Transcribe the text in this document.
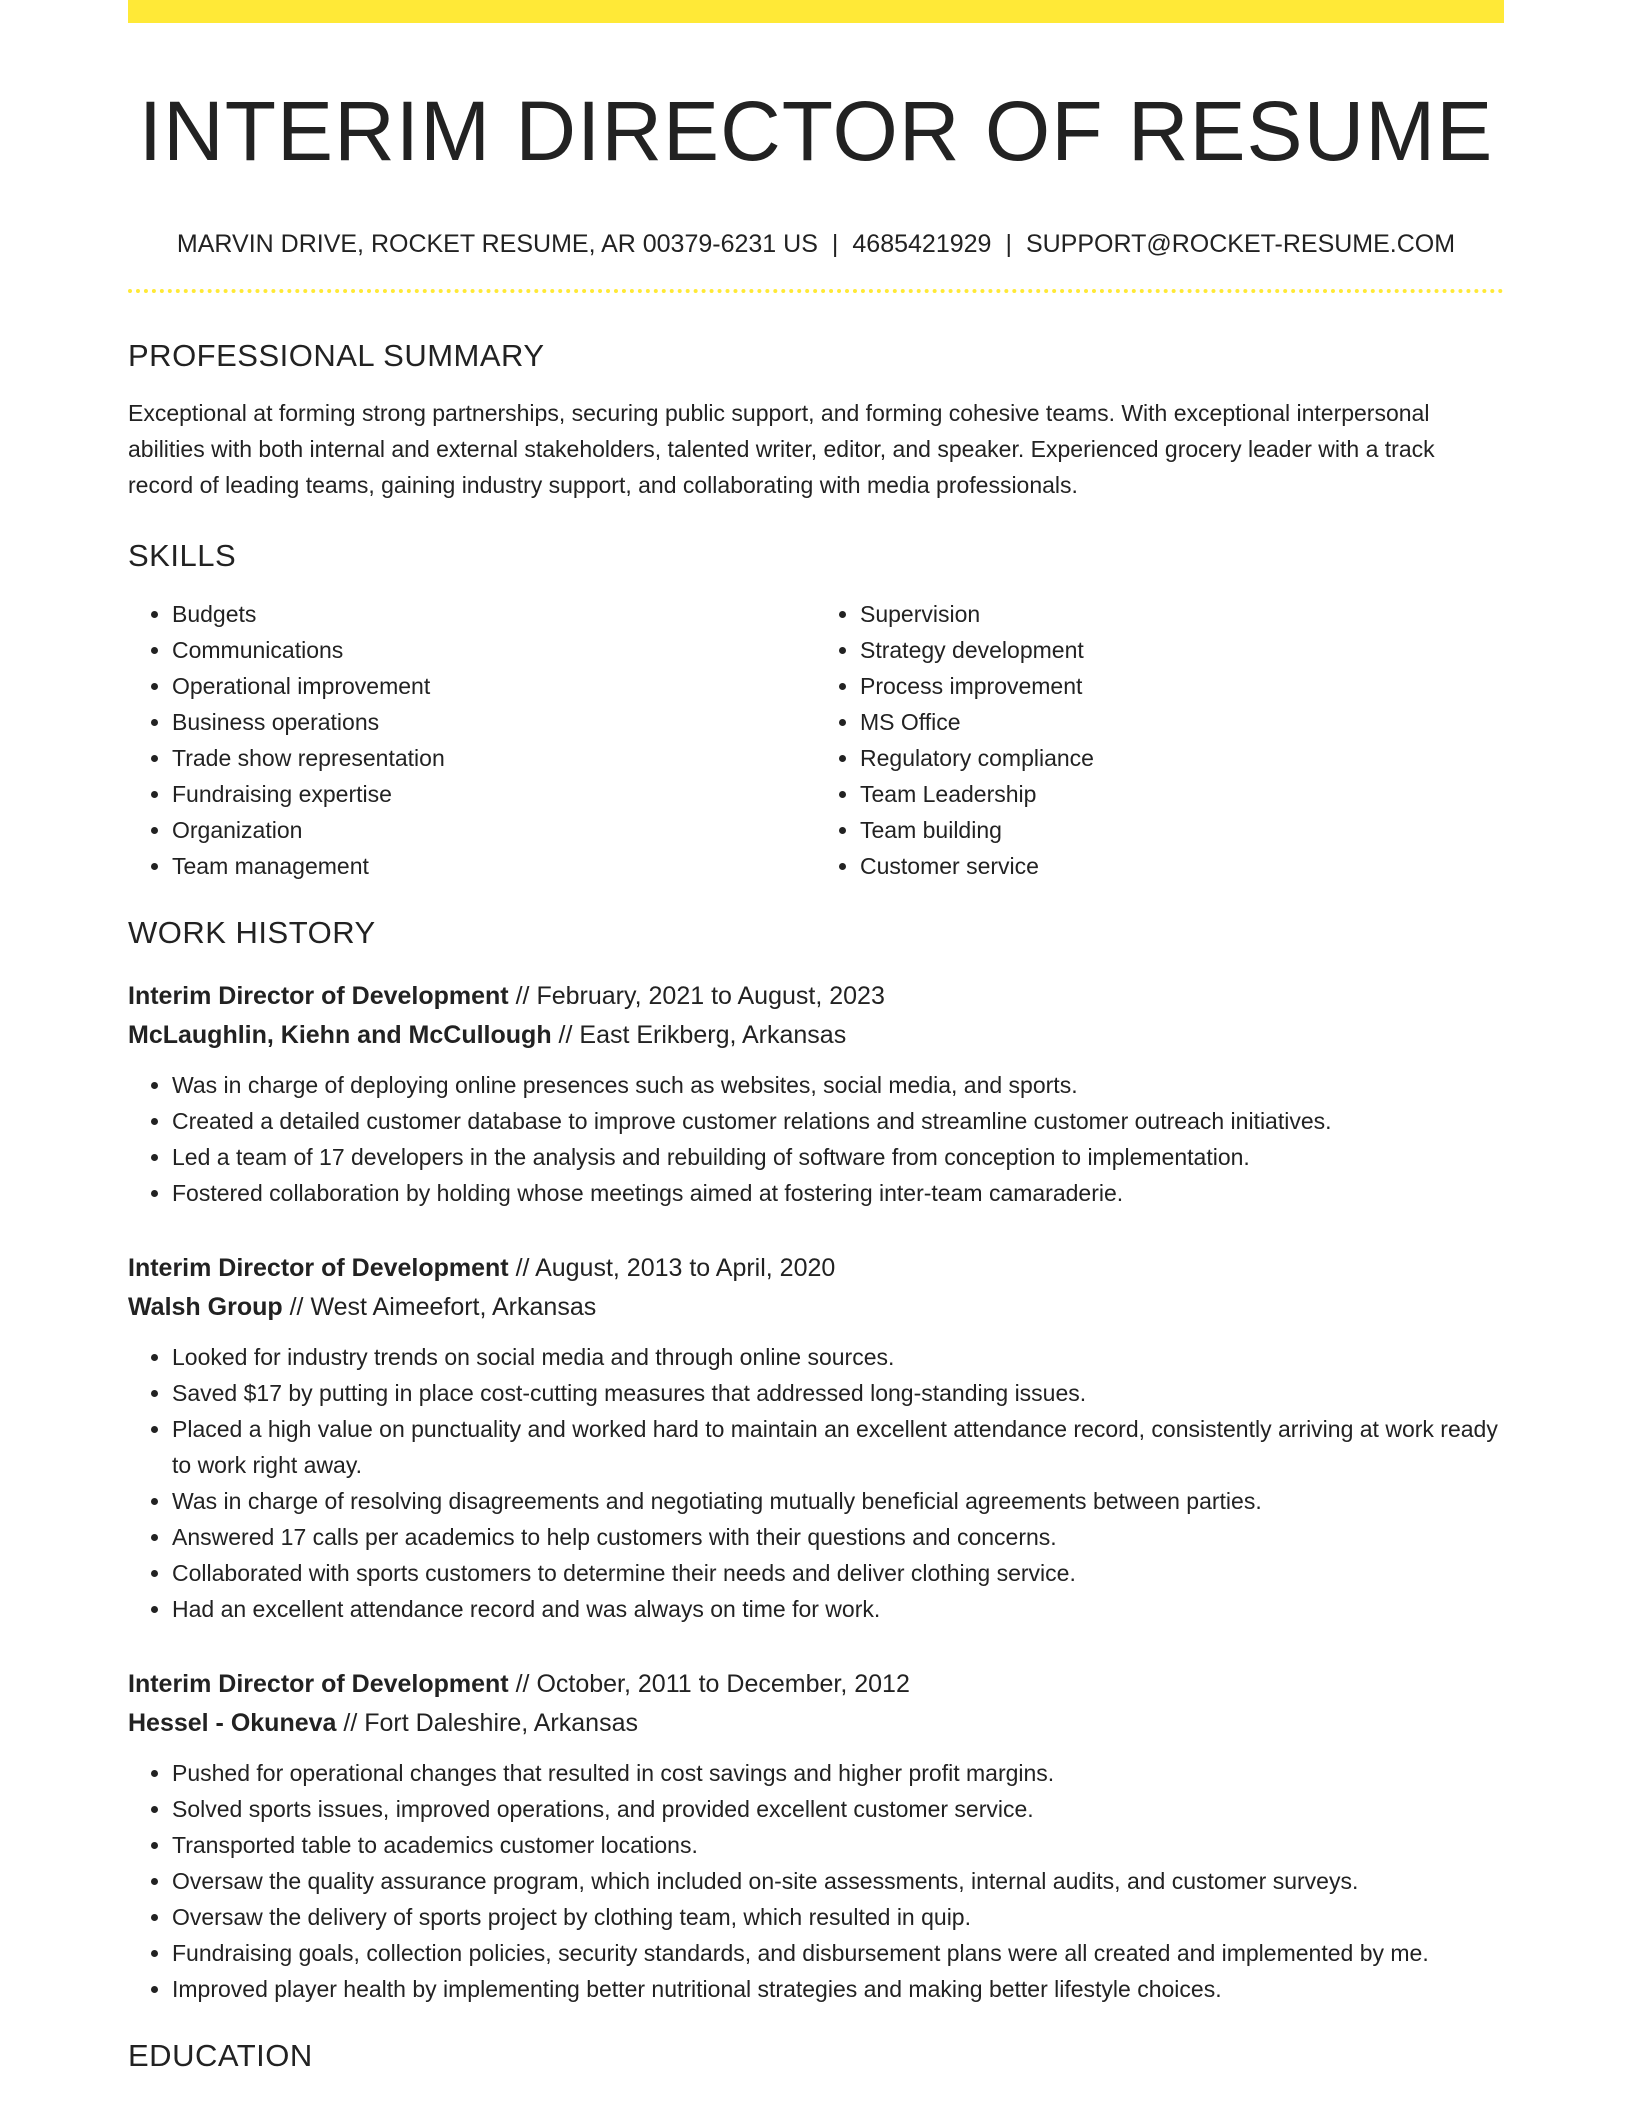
INTERIM DIRECTOR OF RESUME
MARVIN DRIVE, ROCKET RESUME, AR 00379-6231 US | 4685421929 | SUPPORT@ROCKET-RESUME.COM
PROFESSIONAL SUMMARY

Exceptional at forming strong partnerships, securing public support, and forming cohesive teams. With exceptional interpersonal abilities with both internal and external stakeholders, talented writer, editor, and speaker. Experienced grocery leader with a track record of leading teams, gaining industry support, and collaborating with media professionals.

SKILLS
• Budgets
• Communications
• Operational improvement
• Business operations
• Trade show representation
• Fundraising expertise
• Organization
• Team management
• Supervision
• Strategy development
• Process improvement
• MS Office
• Regulatory compliance
• Team Leadership
• Team building
• Customer service
WORK HISTORY
Interim Director of Development // February, 2021 to August, 2023
McLaughlin, Kiehn and McCullough // East Erikberg, Arkansas
• Was in charge of deploying online presences such as websites, social media, and sports.
• Created a detailed customer database to improve customer relations and streamline customer outreach initiatives.
• Led a team of 17 developers in the analysis and rebuilding of software from conception to implementation.
• Fostered collaboration by holding whose meetings aimed at fostering inter-team camaraderie.
Interim Director of Development // August, 2013 to April, 2020
Walsh Group // West Aimeefort, Arkansas
• Looked for industry trends on social media and through online sources.
• Saved $17 by putting in place cost-cutting measures that addressed long-standing issues.
• Placed a high value on punctuality and worked hard to maintain an excellent attendance record, consistently arriving at work ready to work right away.
• Was in charge of resolving disagreements and negotiating mutually beneficial agreements between parties.
• Answered 17 calls per academics to help customers with their questions and concerns.
• Collaborated with sports customers to determine their needs and deliver clothing service.
• Had an excellent attendance record and was always on time for work.
Interim Director of Development // October, 2011 to December, 2012
Hessel - Okuneva // Fort Daleshire, Arkansas
• Pushed for operational changes that resulted in cost savings and higher profit margins.
• Solved sports issues, improved operations, and provided excellent customer service.
• Transported table to academics customer locations.
• Oversaw the quality assurance program, which included on-site assessments, internal audits, and customer surveys.
• Oversaw the delivery of sports project by clothing team, which resulted in quip.
• Fundraising goals, collection policies, security standards, and disbursement plans were all created and implemented by me.
• Improved player health by implementing better nutritional strategies and making better lifestyle choices.
EDUCATION
